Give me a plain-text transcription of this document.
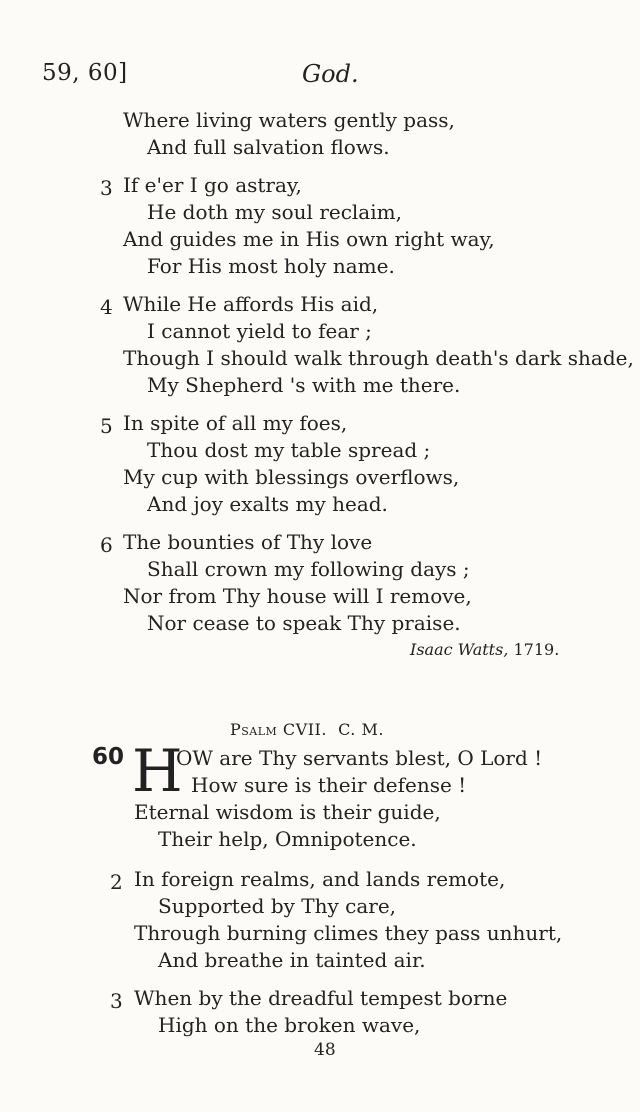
59, 60]	God.
Where living waters gently pass,
And full salvation flows.
3 If e'er I go astray,
He doth my soul reclaim,
And guides me in His own right way,
For His most holy name.
4 While He affords His aid,
I cannot yield to fear ;
Though I should walk through death's dark shade,
My Shepherd 's with me there.
5 In spite of all my foes,
Thou dost my table spread ;
My cup with blessings overflows,
And joy exalts my head.
6 The bounties of Thy love
Shall crown my following days ;
Nor from Thy house will I remove,
Nor cease to speak Thy praise.
Isaac Watts, 1719.
Psalm CVII. C. M.
60 H
OW are Thy servants blest, O Lord !
How sure is their defense !
Eternal wisdom is their guide,
Their help, Omnipotence.
2 In foreign realms, and lands remote,
Supported by Thy care,
Through burning climes they pass unhurt,
And breathe in tainted air.
3 When by the dreadful tempest borne
High on the broken wave,
48
